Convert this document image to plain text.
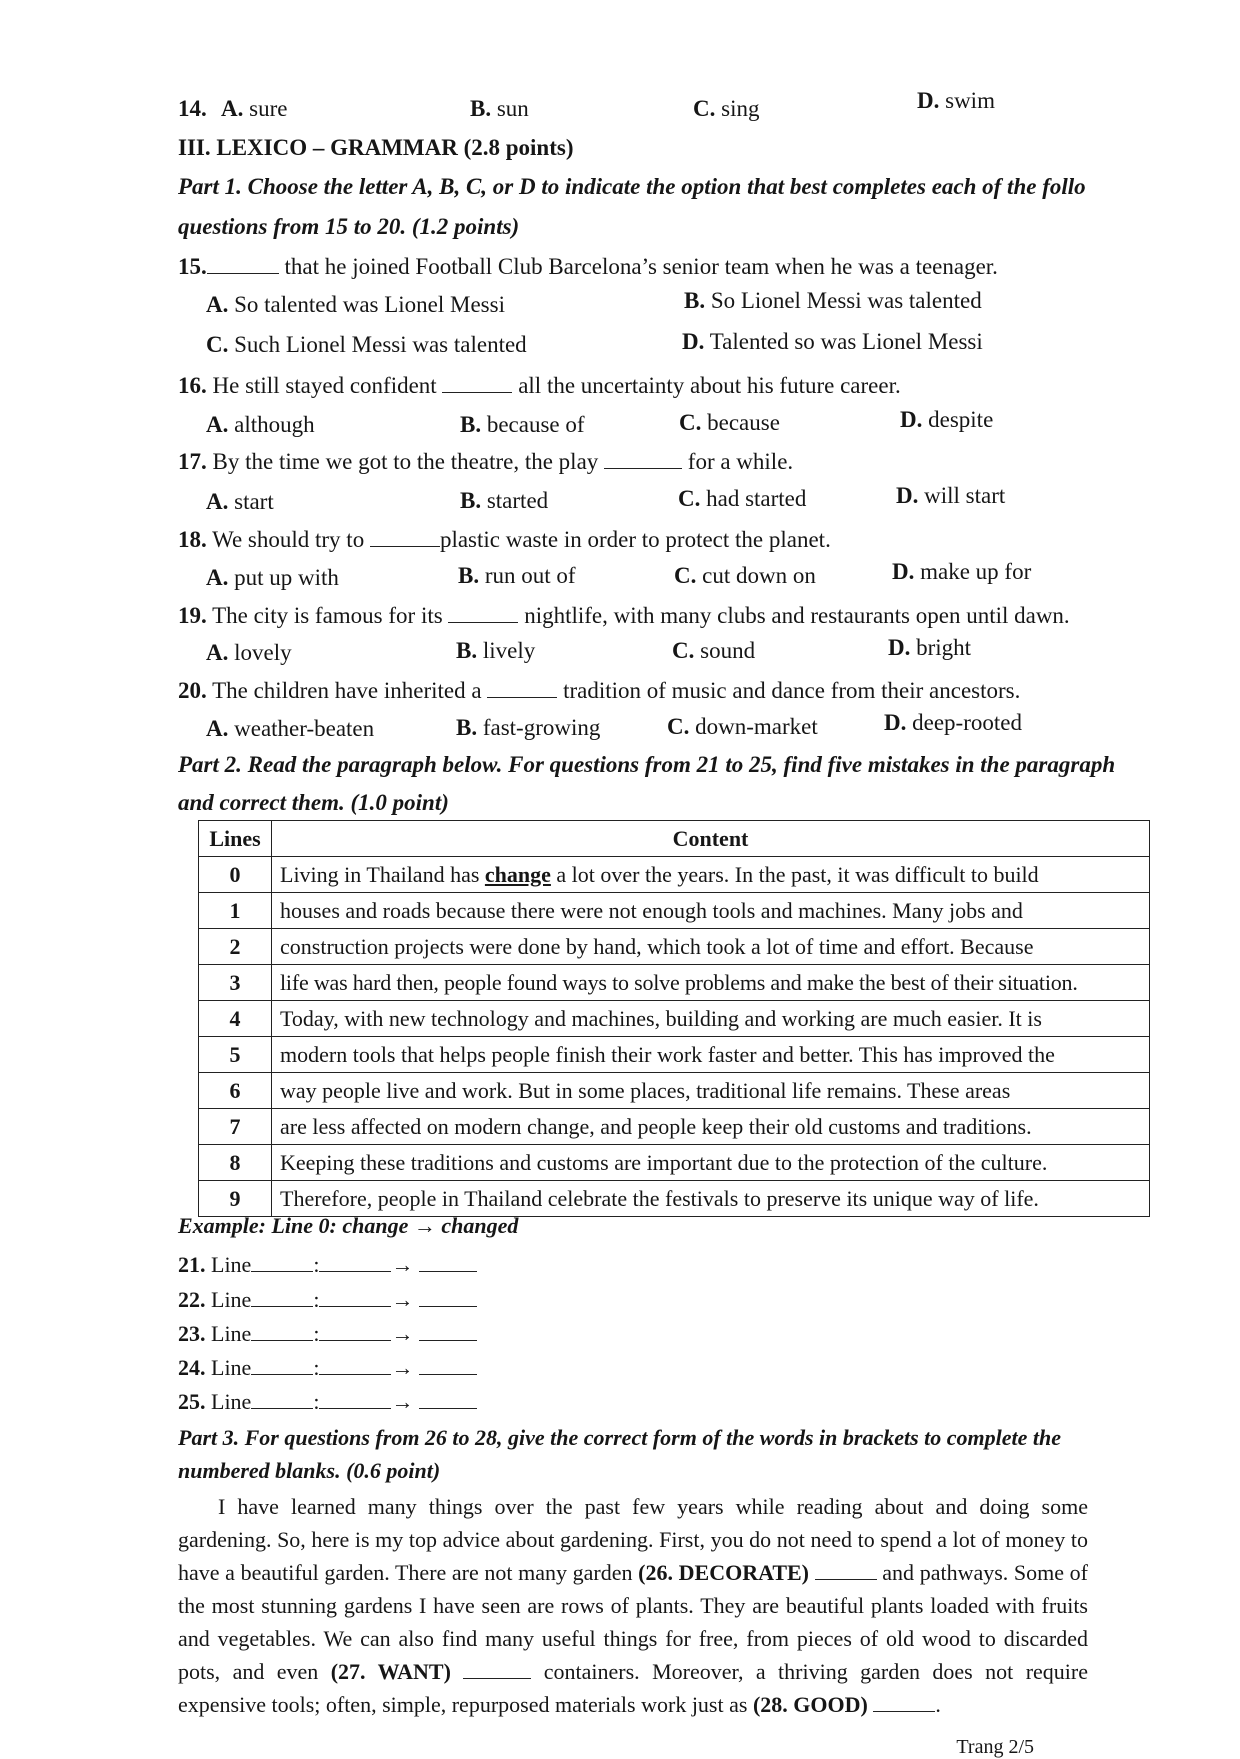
14. A. sure	B. sun	C. sing	D. swim
III. LEXICO – GRAMMAR (2.8 points)
Part 1. Choose the letter A, B, C, or D to indicate the option that best completes each of the follo
questions from 15 to 20. (1.2 points)
15.	that he joined Football Club Barcelona’s senior team when he was a teenager.
A. So talented was Lionel Messi	B. So Lionel Messi was talented
C. Such Lionel Messi was talented	D. Talented so was Lionel Messi
16. He still stayed confident	all the uncertainty about his future career.
A. although	B. because of	C. because	D. despite
17. By the time we got to the theatre, the play	for a while.
A. start	B. started	C. had started	D. will start
18. We should try to	plastic waste in order to protect the planet.
A. put up with	B. run out of	C. cut down on	D. make up for
19. The city is famous for its	nightlife, with many clubs and restaurants open until dawn.
A. lovely	B. lively	C. sound	D. bright
20. The children have inherited a	tradition of music and dance from their ancestors.
A. weather-beaten	B. fast-growing	C. down-market	D. deep-rooted
Part 2. Read the paragraph below. For questions from 21 to 25, find five mistakes in the paragraph
and correct them. (1.0 point)
Lines	Content
0	Living in Thailand has change a lot over the years. In the past, it was difficult to build
1	houses and roads because there were not enough tools and machines. Many jobs and
2	construction projects were done by hand, which took a lot of time and effort. Because
3	life was hard then, people found ways to solve problems and make the best of their situation.
4	Today, with new technology and machines, building and working are much easier. It is
5	modern tools that helps people finish their work faster and better. This has improved the
6	way people live and work. But in some places, traditional life remains. These areas
7	are less affected on modern change, and people keep their old customs and traditions.
8	Keeping these traditions and customs are important due to the protection of the culture.
9	Therefore, people in Thailand celebrate the festivals to preserve its unique way of life.
Example: Line 0: change → changed
21. Line	:	→
22. Line	:	→
23. Line	:	→
24. Line	:	→
25. Line	:	→
Part 3. For questions from 26 to 28, give the correct form of the words in brackets to complete the
numbered blanks. (0.6 point)
I have learned many things over the past few years while reading about and doing some gardening. So, here is my top advice about gardening. First, you do not need to spend a lot of money to have a beautiful garden. There are not many garden (26. DECORATE)	and pathways. Some of the most stunning gardens I have seen are rows of plants. They are beautiful plants loaded with fruits and vegetables. We can also find many useful things for free, from pieces of old wood to discarded pots, and even (27. WANT)	containers. Moreover, a thriving garden does not require expensive tools; often, simple, repurposed materials work just as (28. GOOD)	.
Trang 2/5
